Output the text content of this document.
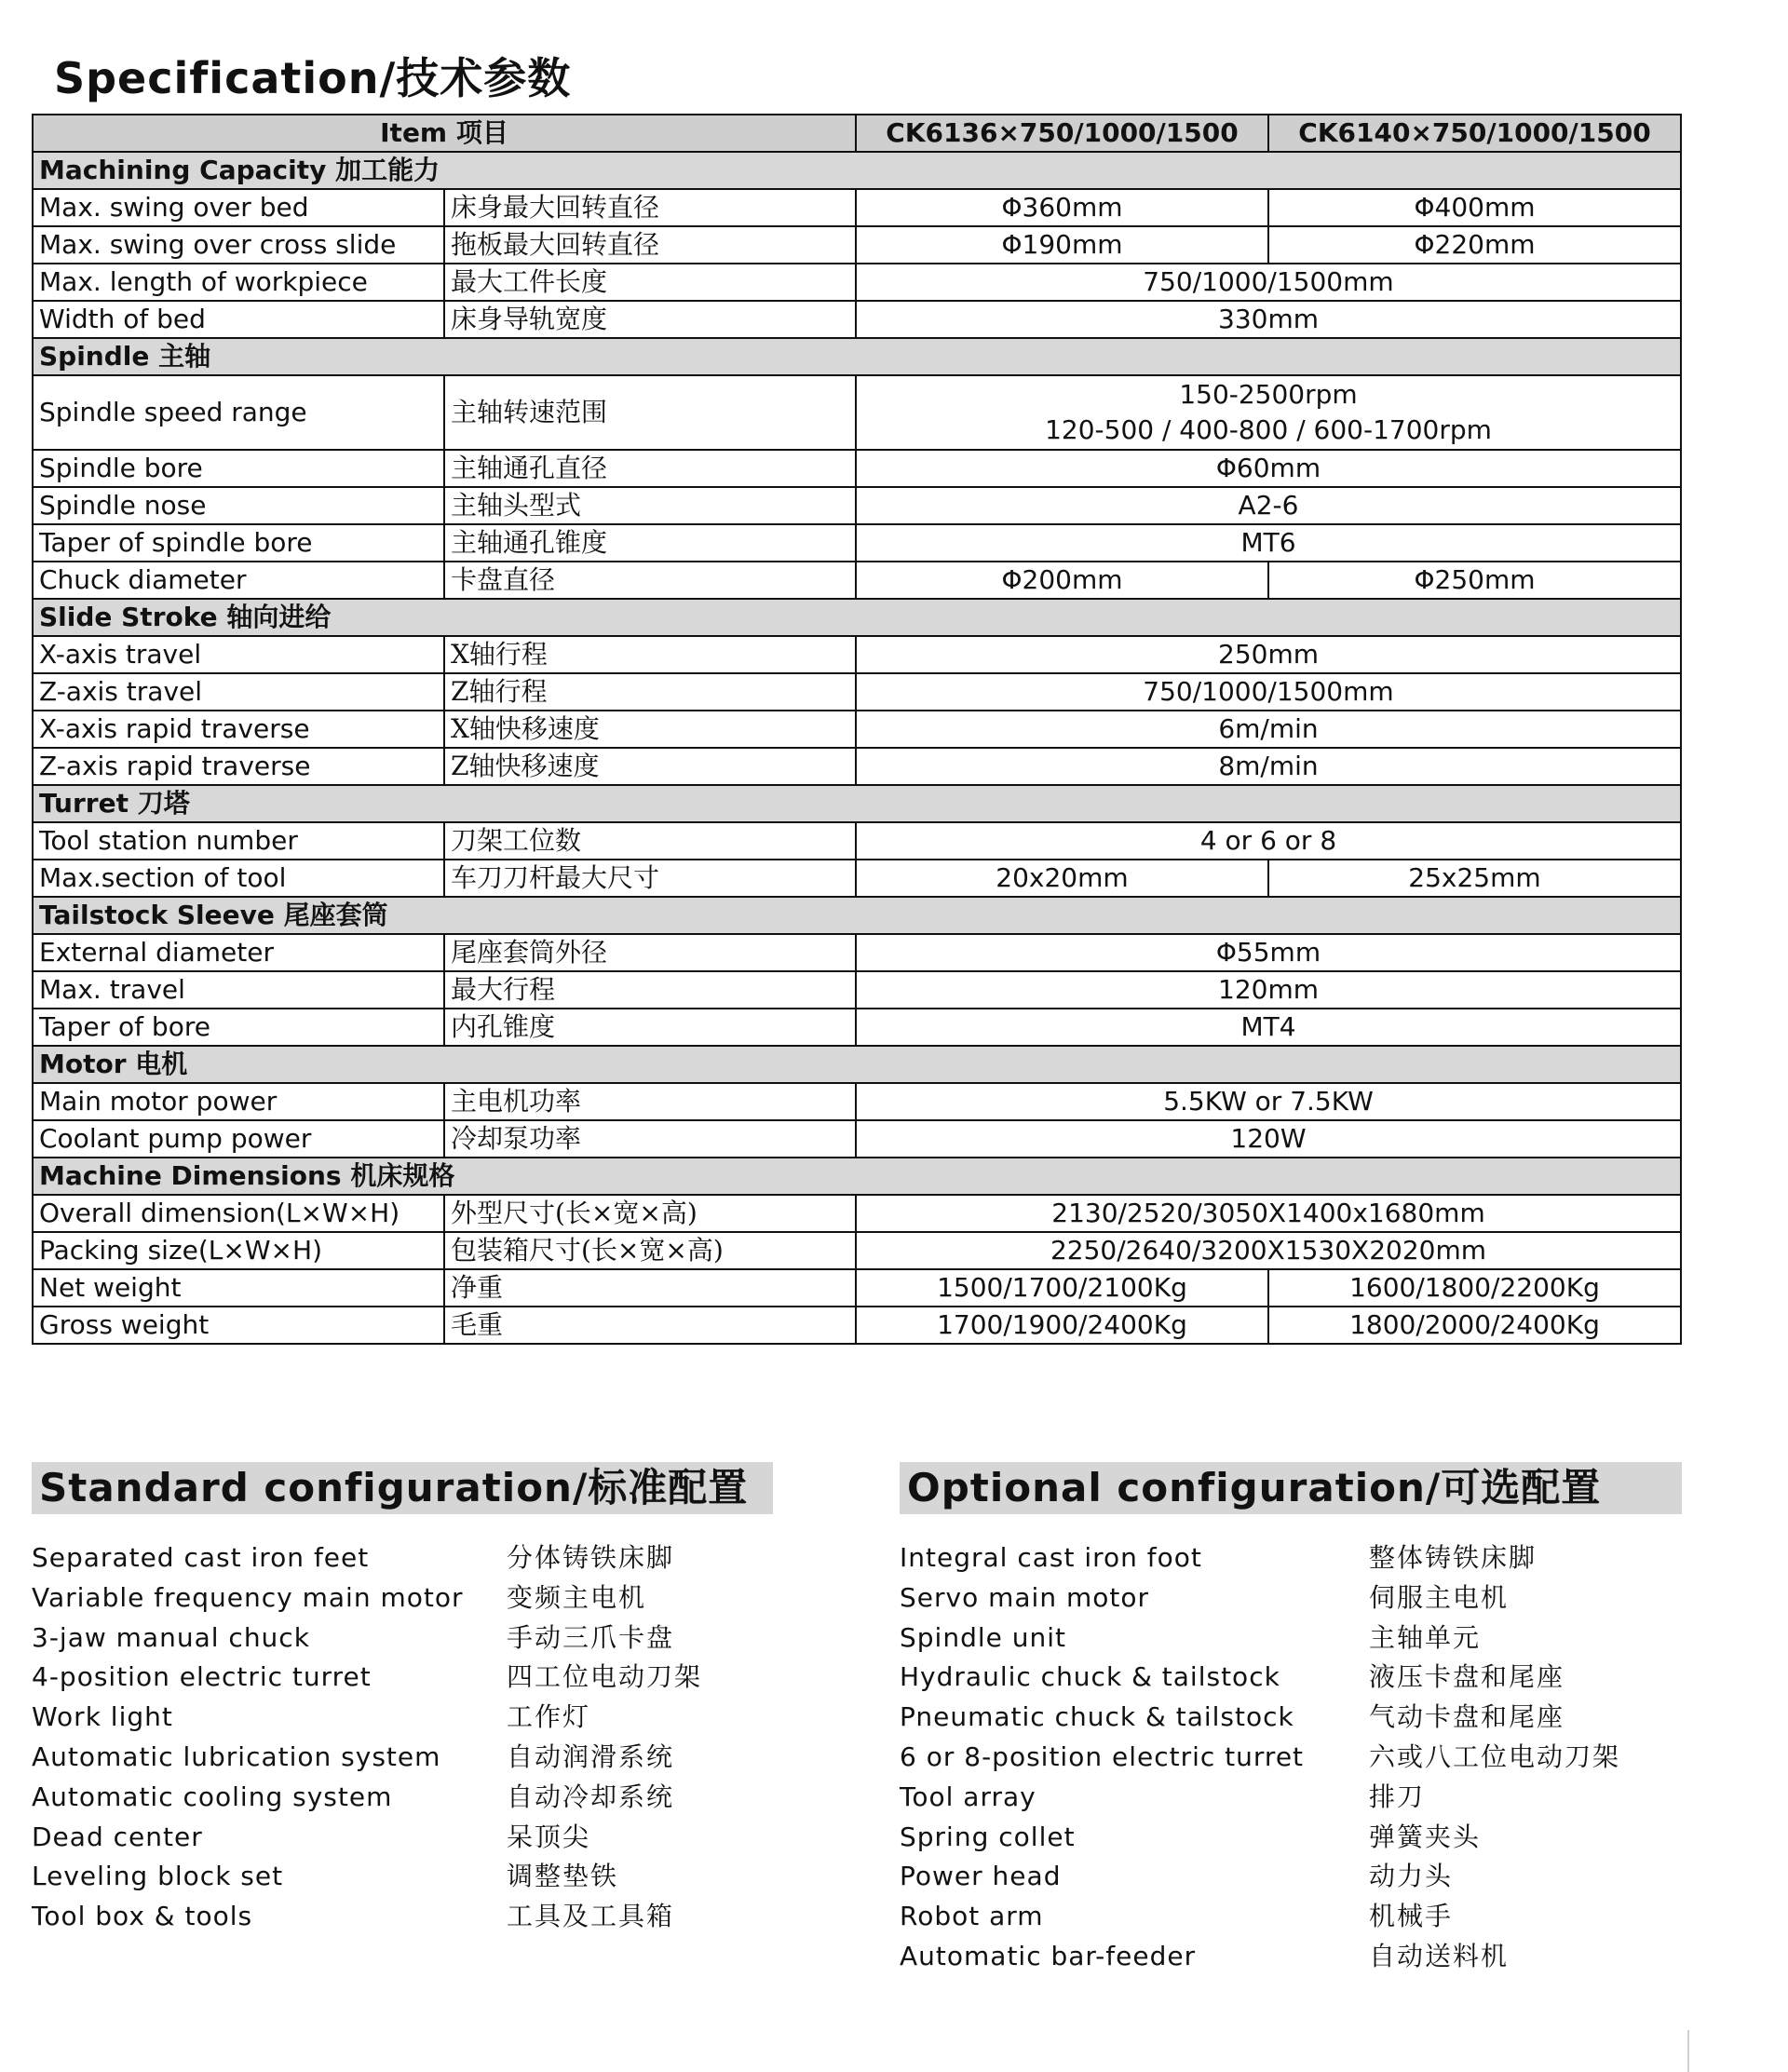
Specification/技术参数
Item 项目		CK6136×750/1000/1500	CK6140×750/1000/1500
Machining Capacity 加工能力			
Max. swing over bed	床身最大回转直径	Φ360mm	Φ400mm
Max. swing over cross slide	拖板最大回转直径	Φ190mm	Φ220mm
Max. length of workpiece	最大工件长度	750/1000/1500mm	
Width of bed	床身导轨宽度	330mm	
Spindle 主轴			
Spindle speed range	主轴转速范围	150-2500rpm
120-500 / 400-800 / 600-1700rpm	

Spindle bore	主轴通孔直径	Φ60mm	
Spindle nose	主轴头型式	A2-6	
Taper of spindle bore	主轴通孔锥度	MT6	
Chuck diameter	卡盘直径	Φ200mm	Φ250mm
Slide Stroke 轴向进给			
X-axis travel	X轴行程	250mm	
Z-axis travel	Z轴行程	750/1000/1500mm	
X-axis rapid traverse	X轴快移速度	6m/min	
Z-axis rapid traverse	Z轴快移速度	8m/min	
Turret 刀塔			
Tool station number	刀架工位数	4 or 6 or 8	
Max.section of tool	车刀刀杆最大尺寸	20x20mm	25x25mm
Tailstock Sleeve 尾座套筒			
External diameter	尾座套筒外径	Φ55mm	
Max. travel	最大行程	120mm	
Taper of bore	内孔锥度	MT4	
Motor 电机			
Main motor power	主电机功率	5.5KW or 7.5KW	
Coolant pump power	冷却泵功率	120W	
Machine Dimensions 机床规格			
Overall dimension(L×W×H)	外型尺寸(长×宽×高)	2130/2520/3050X1400x1680mm	
Packing size(L×W×H)	包装箱尺寸(长×宽×高)	2250/2640/3200X1530X2020mm	
Net weight	净重	1500/1700/2100Kg	1600/1800/2200Kg
Gross weight	毛重	1700/1900/2400Kg	1800/2000/2400Kg
Standard configuration/标准配置
Separated cast iron feet	分体铸铁床脚
Variable frequency main motor 变频主电机
3-jaw manual chuck	手动三爪卡盘
4-position electric turret	四工位电动刀架
Work light	工作灯
Automatic lubrication system	自动润滑系统
Automatic cooling system	自动冷却系统
Dead center	呆顶尖
Leveling block set	调整垫铁
Tool box & tools	工具及工具箱
Optional configuration/可选配置
Integral cast iron foot	整体铸铁床脚
Servo main motor	伺服主电机
Spindle unit	主轴单元
Hydraulic chuck & tailstock	液压卡盘和尾座
Pneumatic chuck & tailstock	气动卡盘和尾座
6 or 8-position electric turret 六或八工位电动刀架
Tool array	排刀
Spring collet	弹簧夹头
Power head	动力头
Robot arm	机械手
Automatic bar-feeder	自动送料机
